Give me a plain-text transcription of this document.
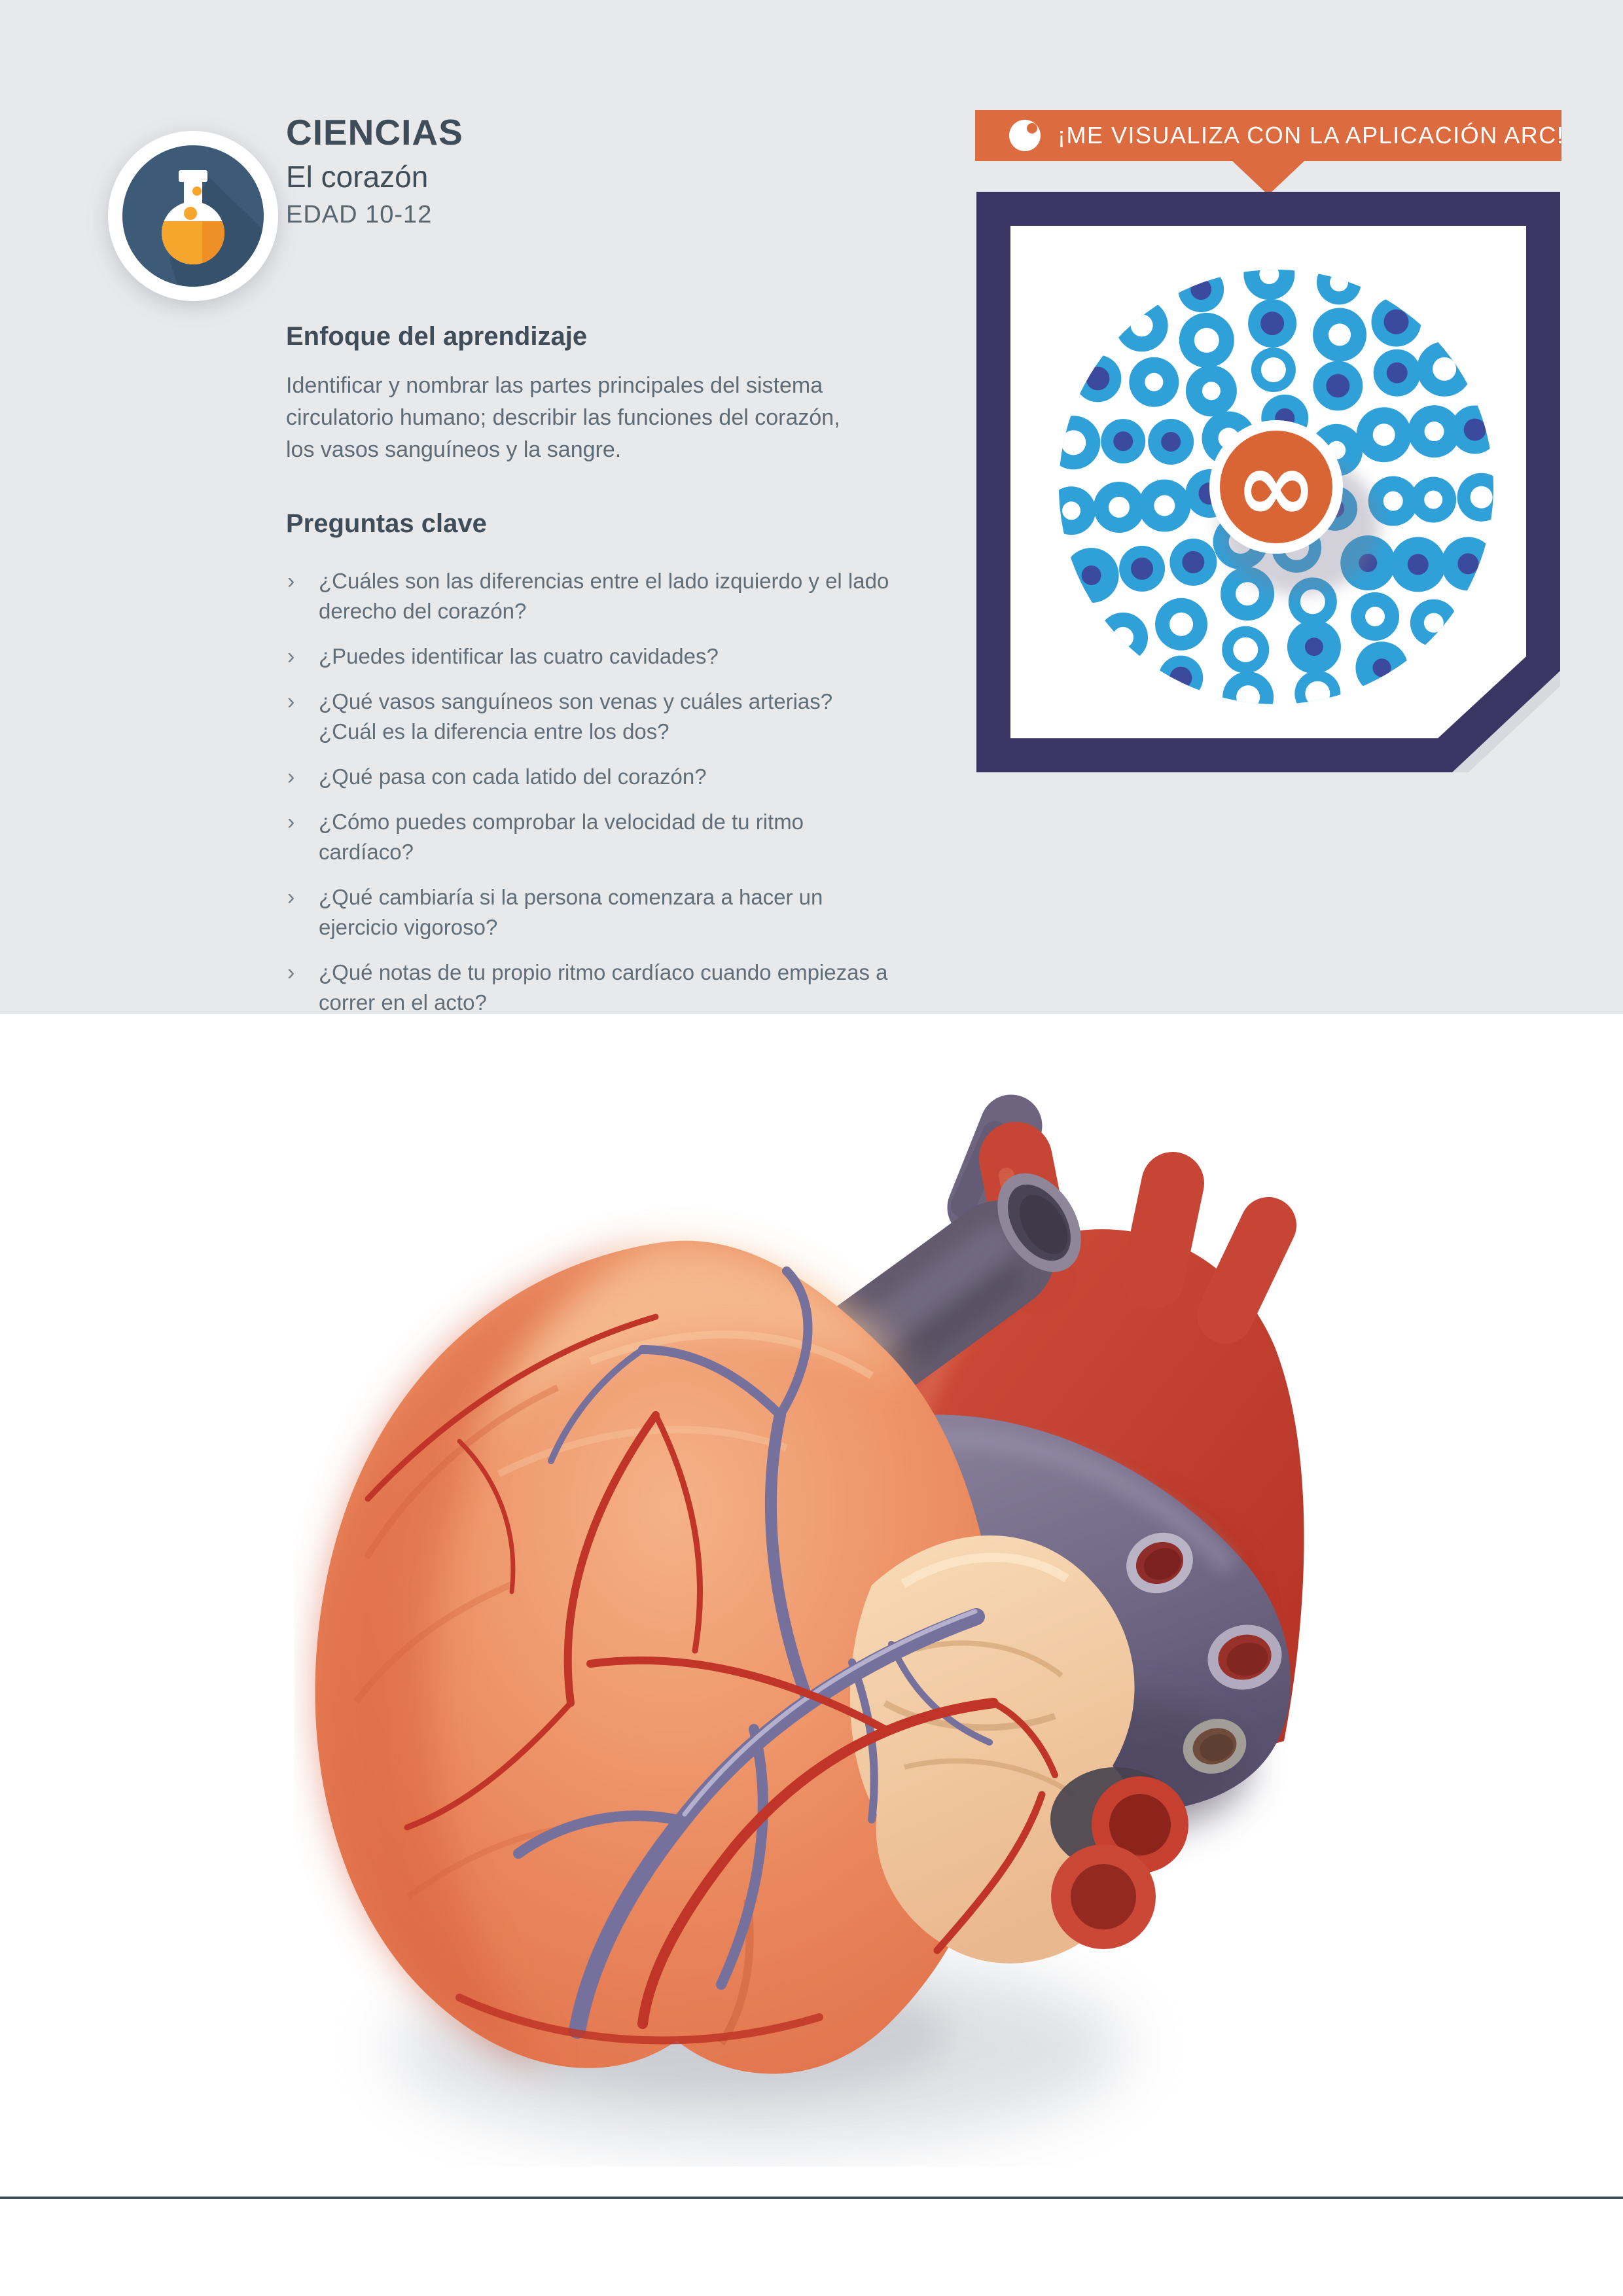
CIENCIAS
El corazón
EDAD 10-12
Enfoque del aprendizaje

Identificar y nombrar las partes principales del sistema circulatorio humano; describir las funciones del corazón, los vasos sanguíneos y la sangre.

Preguntas clave
› ¿Cuáles son las diferencias entre el lado izquierdo y el lado derecho del corazón?
› ¿Puedes identificar las cuatro cavidades?
› ¿Qué vasos sanguíneos son venas y cuáles arterias? ¿Cuál es la diferencia entre los dos?
› ¿Qué pasa con cada latido del corazón?
› ¿Cómo puedes comprobar la velocidad de tu ritmo cardíaco?
› ¿Qué cambiaría si la persona comenzara a hacer un ejercicio vigoroso?
› ¿Qué notas de tu propio ritmo cardíaco cuando empiezas a correr en el acto?
¡ME VISUALIZA CON LA APLICACIÓN ARC!
∞
